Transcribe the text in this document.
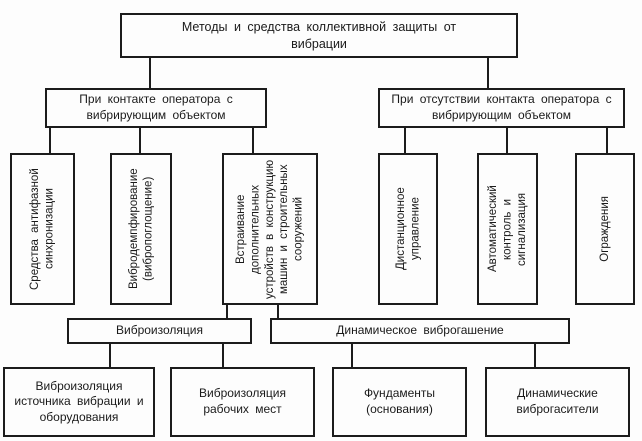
Методы и средства коллективной защиты от вибрации
При контакте оператора с вибрирующим объектом
При отсутствии контакта оператора с вибрирующим объектом
Средства антифазной синхронизации	Вибродемпфирование (вибропоглощение)	Встраивание дополнительных устройств в конструкцию машин и строительных сооружений	Дистанционное управление	Автоматический контроль и сигнализация	Ограждения
Виброизоляция	Динамическое виброгашение
Виброизоляция источника вибрации и оборудования
Виброизоляция рабочих мест
Фундаменты (основания)
Динамические виброгасители
